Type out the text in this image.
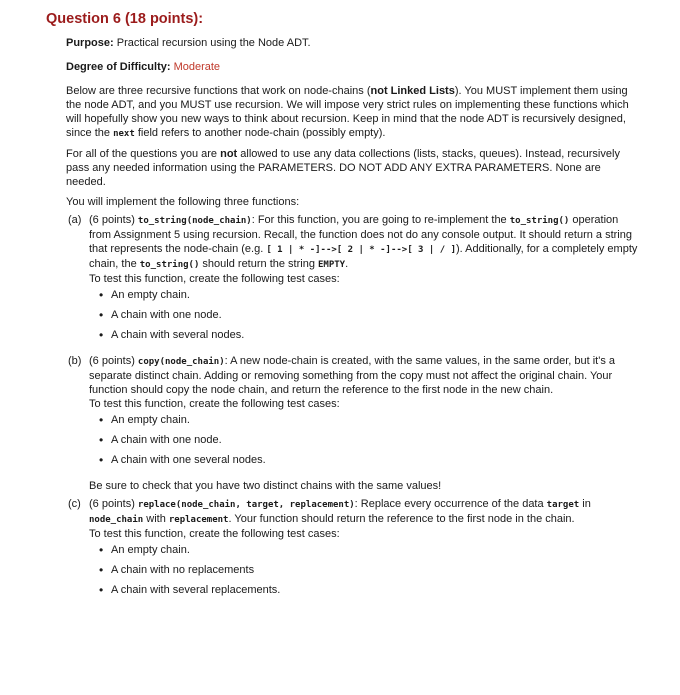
Question 6 (18 points):
Purpose: Practical recursion using the Node ADT.
Degree of Difficulty: Moderate

Below are three recursive functions that work on node-chains (not Linked Lists). You MUST implement them using the node ADT, and you MUST use recursion. We will impose very strict rules on implementing these functions which will hopefully show you new ways to think about recursion. Keep in mind that the node ADT is recursively designed, since the next field refers to another node-chain (possibly empty).

For all of the questions you are not allowed to use any data collections (lists, stacks, queues). Instead, recursively pass any needed information using the PARAMETERS. DO NOT ADD ANY EXTRA PARAMETERS. None are needed.

You will implement the following three functions:
(a) (6 points) to_string(node_chain): For this function, you are going to re-implement the to_string() operation from Assignment 5 using recursion. Recall, the function does not do any console output. It should return a string that represents the node-chain (e.g. [ 1 | * -]-->[ 2 | * -]-->[ 3 | / ]). Additionally, for a completely empty chain, the to_string() should return the string EMPTY.
To test this function, create the following test cases:
• An empty chain.
• A chain with one node.
• A chain with several nodes.
(b) (6 points) copy(node_chain): A new node-chain is created, with the same values, in the same order, but it's a separate distinct chain. Adding or removing something from the copy must not affect the original chain. Your function should copy the node chain, and return the reference to the first node in the new chain.
To test this function, create the following test cases:
• An empty chain.
• A chain with one node.
• A chain with one several nodes.
Be sure to check that you have two distinct chains with the same values!
(c) (6 points) replace(node_chain, target, replacement): Replace every occurrence of the data target in node_chain with replacement. Your function should return the reference to the first node in the chain.
To test this function, create the following test cases:
• An empty chain.
• A chain with no replacements
• A chain with several replacements.
